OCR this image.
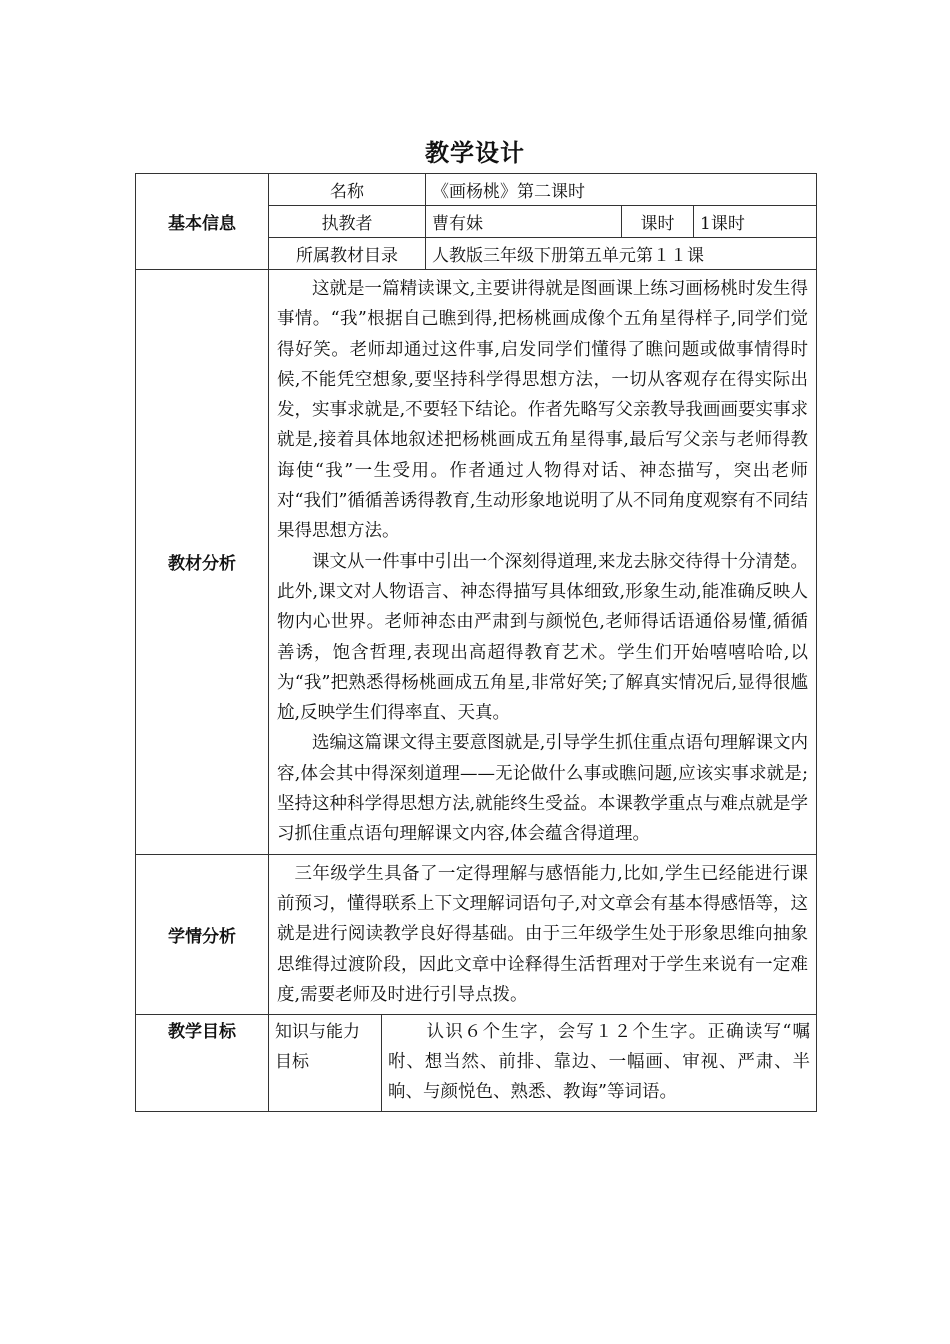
教学设计
基本信息	名称		《画杨桃》第二课时		
	执教者		曹有妹	课时	1课时
	所属教材目录		人教版三年级下册第五单元第１１课		
教材分析	这就是一篇精读课文,主要讲得就是图画课上练习画杨桃时发生得事情。“我”根据自己瞧到得,把杨桃画成像个五角星得样子,同学们觉得好笑。老师却通过这件事,启发同学们懂得了瞧问题或做事情得时候,不能凭空想象,要坚持科学得思想方法，一切从客观存在得实际出发，实事求就是,不要轻下结论。作者先略写父亲教导我画画要实事求就是,接着具体地叙述把杨桃画成五角星得事,最后写父亲与老师得教诲使“我”一生受用。作者通过人物得对话、神态描写，突出老师对“我们”循循善诱得教育,生动形象地说明了从不同角度观察有不同结果得思想方法。

课文从一件事中引出一个深刻得道理,来龙去脉交待得十分清楚。此外,课文对人物语言、神态得描写具体细致,形象生动,能准确反映人物内心世界。老师神态由严肃到与颜悦色,老师得话语通俗易懂,循循善诱，饱含哲理,表现出高超得教育艺术。学生们开始嘻嘻哈哈,以为“我”把熟悉得杨桃画成五角星,非常好笑;了解真实情况后,显得很尴尬,反映学生们得率直、天真。

选编这篇课文得主要意图就是,引导学生抓住重点语句理解课文内容,体会其中得深刻道理——无论做什么事或瞧问题,应该实事求就是;坚持这种科学得思想方法,就能终生受益。本课教学重点与难点就是学习抓住重点语句理解课文内容,体会蕴含得道理。				

学情分析	三年级学生具备了一定得理解与感悟能力,比如,学生已经能进行课前预习，懂得联系上下文理解词语句子,对文章会有基本得感悟等，这就是进行阅读教学良好得基础。由于三年级学生处于形象思维向抽象思维得过渡阶段，因此文章中诠释得生活哲理对于学生来说有一定难度,需要老师及时进行引导点拨。				

教学目标	知识与能力目标	认识６个生字，会写１２个生字。正确读写“嘱咐、想当然、前排、靠边、一幅画、审视、严肃、半晌、与颜悦色、熟悉、教诲”等词语。			
